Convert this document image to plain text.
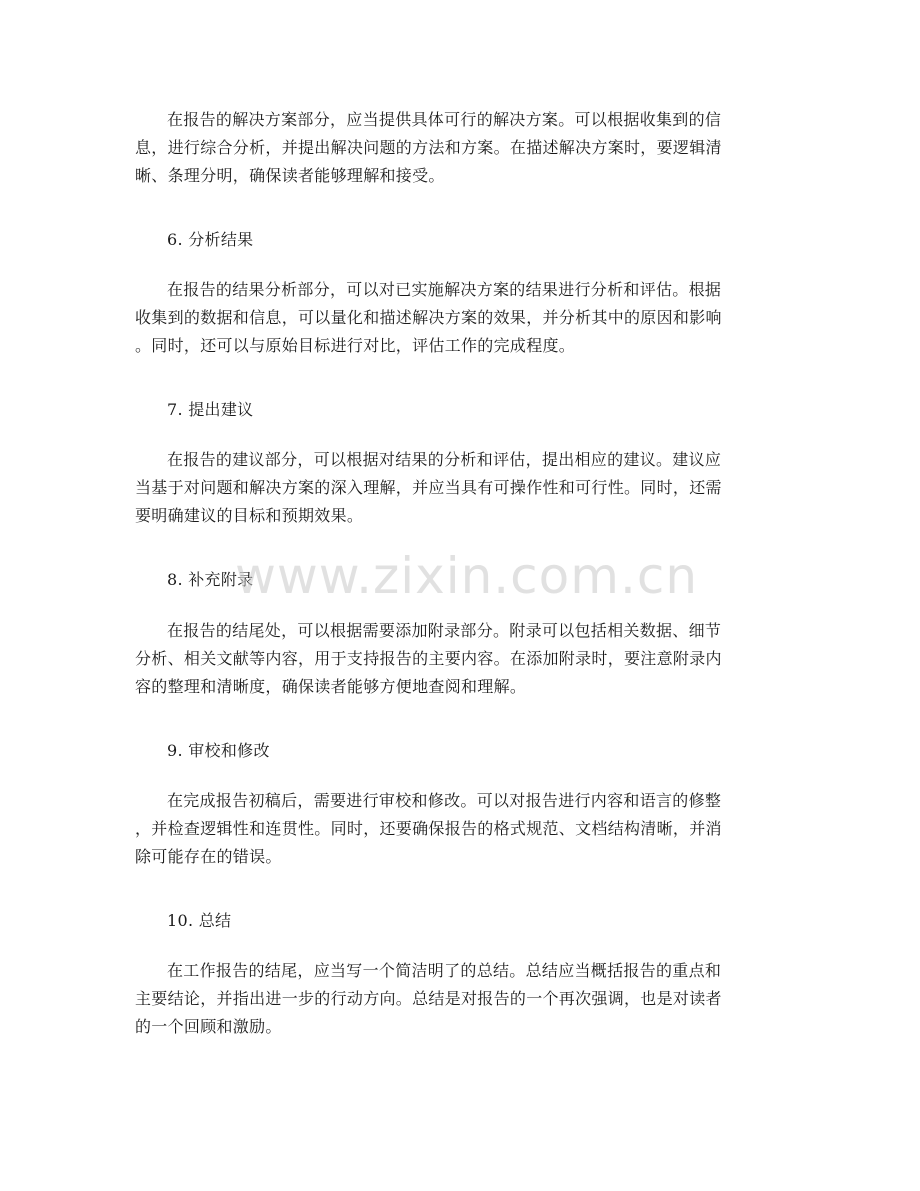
在报告的解决方案部分，应当提供具体可行的解决方案。可以根据收集到的信
息，进行综合分析，并提出解决问题的方法和方案。在描述解决方案时，要逻辑清
晰、条理分明，确保读者能够理解和接受。
6. 分析结果
在报告的结果分析部分，可以对已实施解决方案的结果进行分析和评估。根据
收集到的数据和信息，可以量化和描述解决方案的效果，并分析其中的原因和影响
。同时，还可以与原始目标进行对比，评估工作的完成程度。
7. 提出建议
在报告的建议部分，可以根据对结果的分析和评估，提出相应的建议。建议应
当基于对问题和解决方案的深入理解，并应当具有可操作性和可行性。同时，还需
要明确建议的目标和预期效果。
8. 补充附录
在报告的结尾处，可以根据需要添加附录部分。附录可以包括相关数据、细节
分析、相关文献等内容，用于支持报告的主要内容。在添加附录时，要注意附录内
容的整理和清晰度，确保读者能够方便地查阅和理解。
9. 审校和修改
在完成报告初稿后，需要进行审校和修改。可以对报告进行内容和语言的修整
，并检查逻辑性和连贯性。同时，还要确保报告的格式规范、文档结构清晰，并消
除可能存在的错误。
10. 总结
在工作报告的结尾，应当写一个简洁明了的总结。总结应当概括报告的重点和
主要结论，并指出进一步的行动方向。总结是对报告的一个再次强调，也是对读者
的一个回顾和激励。
www.zixin.com.cn
